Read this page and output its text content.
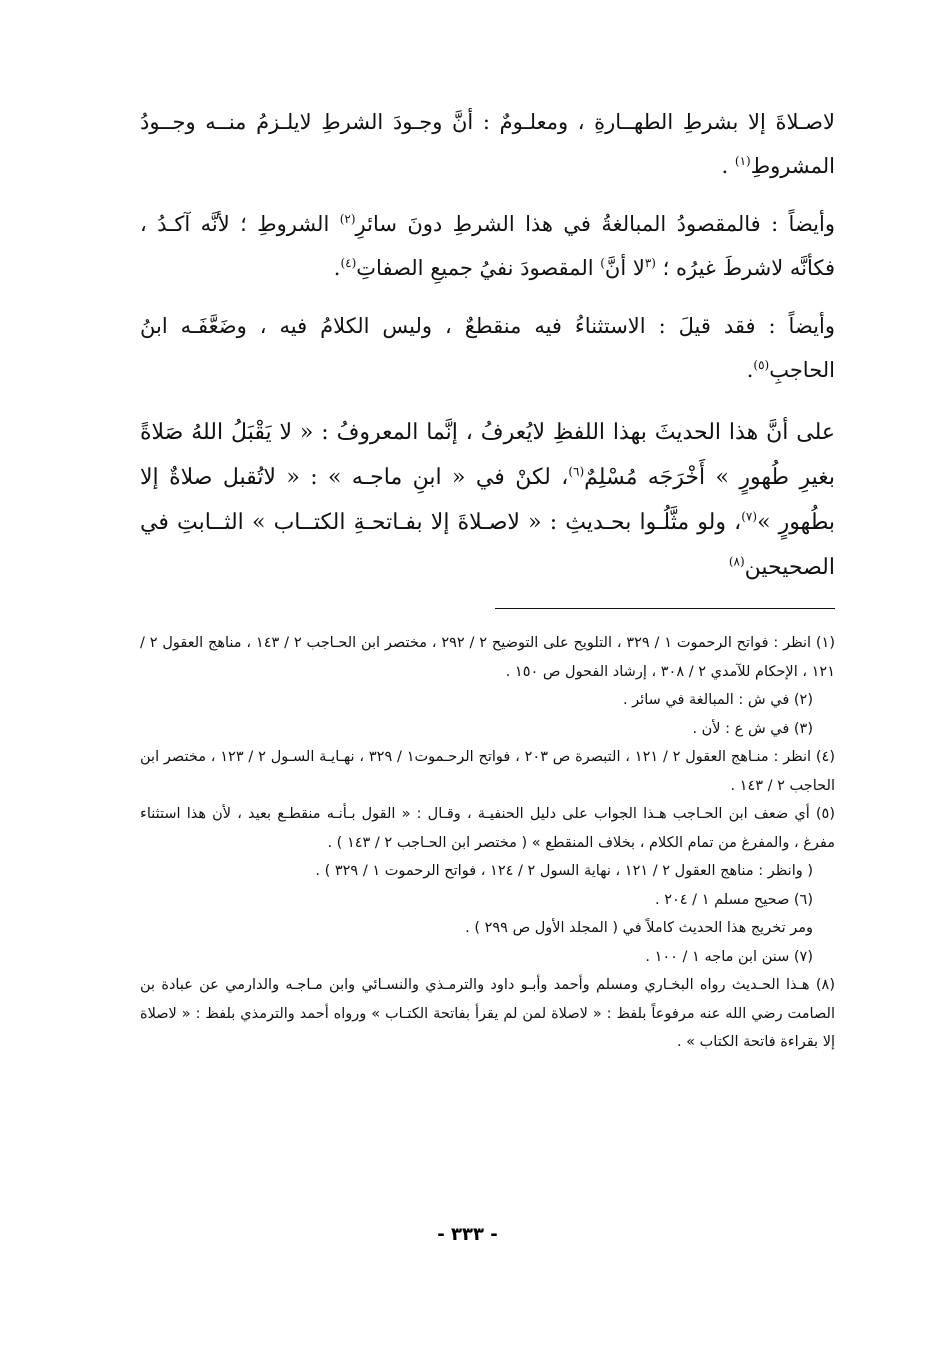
لاصـلاةَ إلا بشرطِ الطهــارةِ ، ومعلـومٌ : أنَّ وجـودَ الشرطِ لايلـزمُ منــه وجــودُ المشروطِ$^{(١)}$ .

وأيضاً : فالمقصودُ المبالغةُ في هذا الشرطِ دونَ سائرِ$^{(٢)}$ الشروطِ ؛ لأنَّه آكـدُ ، فكأنَّه لاشرطَ غيرُه ؛ $^{(٣}$لا أنَّ) المقصودَ نفيُ جميعِ الصفاتِ$^{(٤)}$.

وأيضاً : فقد قيلَ : الاستثناءُ فيه منقطعٌ ، وليس الكلامُ فيه ، وضَعَّفَـه ابنُ الحاجبِ$^{(٥)}$.

على أنَّ هذا الحديثَ بهذا اللفظِ لايُعرفُ ، إنَّما المعروفُ : « لا يَقْبَلُ اللهُ صَلاةً بغيرِ طُهورٍ » أَخْرَجَه مُسْلِمٌ$^{(٦)}$، لكنْ في « ابنِ ماجـه » : « لاتُقبل صلاةٌ إلا بطُهورٍ »$^{(٧)}$، ولو مثَّلُـوا بحـديثِ : « لاصـلاةَ إلا بفـاتحـةِ الكتــاب » الثــابتِ في الصحيحين$^{(٨)}$

(١) انظر : فواتح الرحموت ١ / ٣٢٩ ، التلويح على التوضيح ٢ / ٢٩٢ ، مختصر ابن الحـاجب ٢ / ١٤٣ ، مناهج العقول ٢ / ١٢١ ، الإحكام للآمدي ٢ / ٣٠٨ ، إرشاد الفحول ص ١٥٠ .

(٢) في ش : المبالغة في سائر .

(٣) في ش ع : لأن .

(٤) انظر : منـاهج العقول ٢ / ١٢١ ، التبصرة ص ٢٠٣ ، فواتح الرحـموت١ / ٣٢٩ ، نهـايـة السـول ٢ / ١٢٣ ، مختصر ابن الحاجب ٢ / ١٤٣ .

(٥) أي ضعف ابن الحـاجب هـذا الجواب على دليل الحنفيـة ، وقـال : « القول بـأنـه منقطـع بعيد ، لأن هذا استثناء مفرغ ، والمفرغ من تمام الكلام ، بخلاف المنقطع » ( مختصر ابن الحـاجب ٢ / ١٤٣ ) .

( وانظر : مناهج العقول ٢ / ١٢١ ، نهاية السول ٢ / ١٢٤ ، فواتح الرحموت ١ / ٣٢٩ ) .

(٦) صحيح مسلم ١ / ٢٠٤ .

ومر تخريج هذا الحديث كاملاً في ( المجلد الأول ص ٢٩٩ ) .

(٧) سنن ابن ماجه ١ / ١٠٠ .

(٨) هـذا الحـديث رواه البخـاري ومسلم وأحمد وأبـو داود والترمـذي والنسـائي وابن مـاجـه والدارمي عن عبادة بن الصامت رضي الله عنه مرفوعاً بلفظ : « لاصلاة لمن لم يقرأ بفاتحة الكتـاب » ورواه أحمد والترمذي بلفظ : « لاصلاة إلا بقراءة فاتحة الكتاب » .

- ٣٣٣ -
